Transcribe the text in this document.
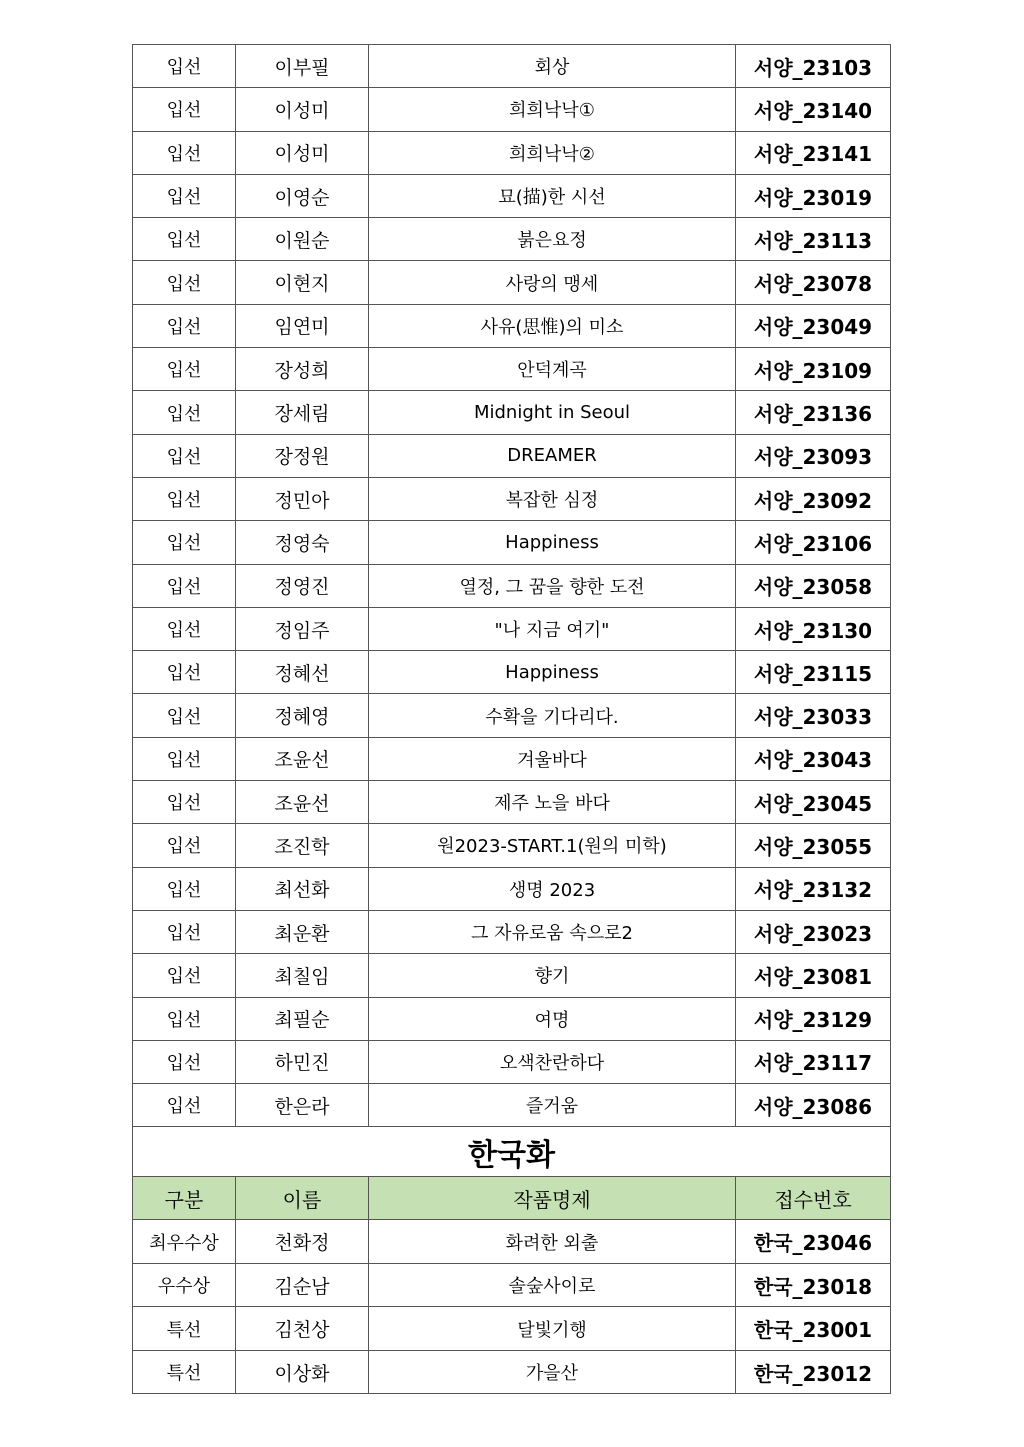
입선	이부필	회상	서양_23103
입선	이성미	희희낙낙①	서양_23140
입선	이성미	희희낙낙②	서양_23141
입선	이영순	묘(描)한 시선	서양_23019
입선	이원순	붉은요정	서양_23113
입선	이현지	사랑의 맹세	서양_23078
입선	임연미	사유(思惟)의 미소	서양_23049
입선	장성희	안덕계곡	서양_23109
입선	장세림	Midnight in Seoul	서양_23136
입선	장정원	DREAMER	서양_23093
입선	정민아	복잡한 심정	서양_23092
입선	정영숙	Happiness	서양_23106
입선	정영진	열정, 그 꿈을 향한 도전	서양_23058
입선	정임주	"나 지금 여기"	서양_23130
입선	정혜선	Happiness	서양_23115
입선	정혜영	수확을 기다리다.	서양_23033
입선	조윤선	겨울바다	서양_23043
입선	조윤선	제주 노을 바다	서양_23045
입선	조진학	원2023-START.1(원의 미학)	서양_23055
입선	최선화	생명 2023	서양_23132
입선	최운환	그 자유로움 속으로2	서양_23023
입선	최칠임	향기	서양_23081
입선	최필순	여명	서양_23129
입선	하민진	오색찬란하다	서양_23117
입선	한은라	즐거움	서양_23086
한국화			
구분	이름	작품명제	접수번호
최우수상	천화정	화려한 외출	한국_23046
우수상	김순남	솔숲사이로	한국_23018
특선	김천상	달빛기행	한국_23001
특선	이상화	가을산	한국_23012
